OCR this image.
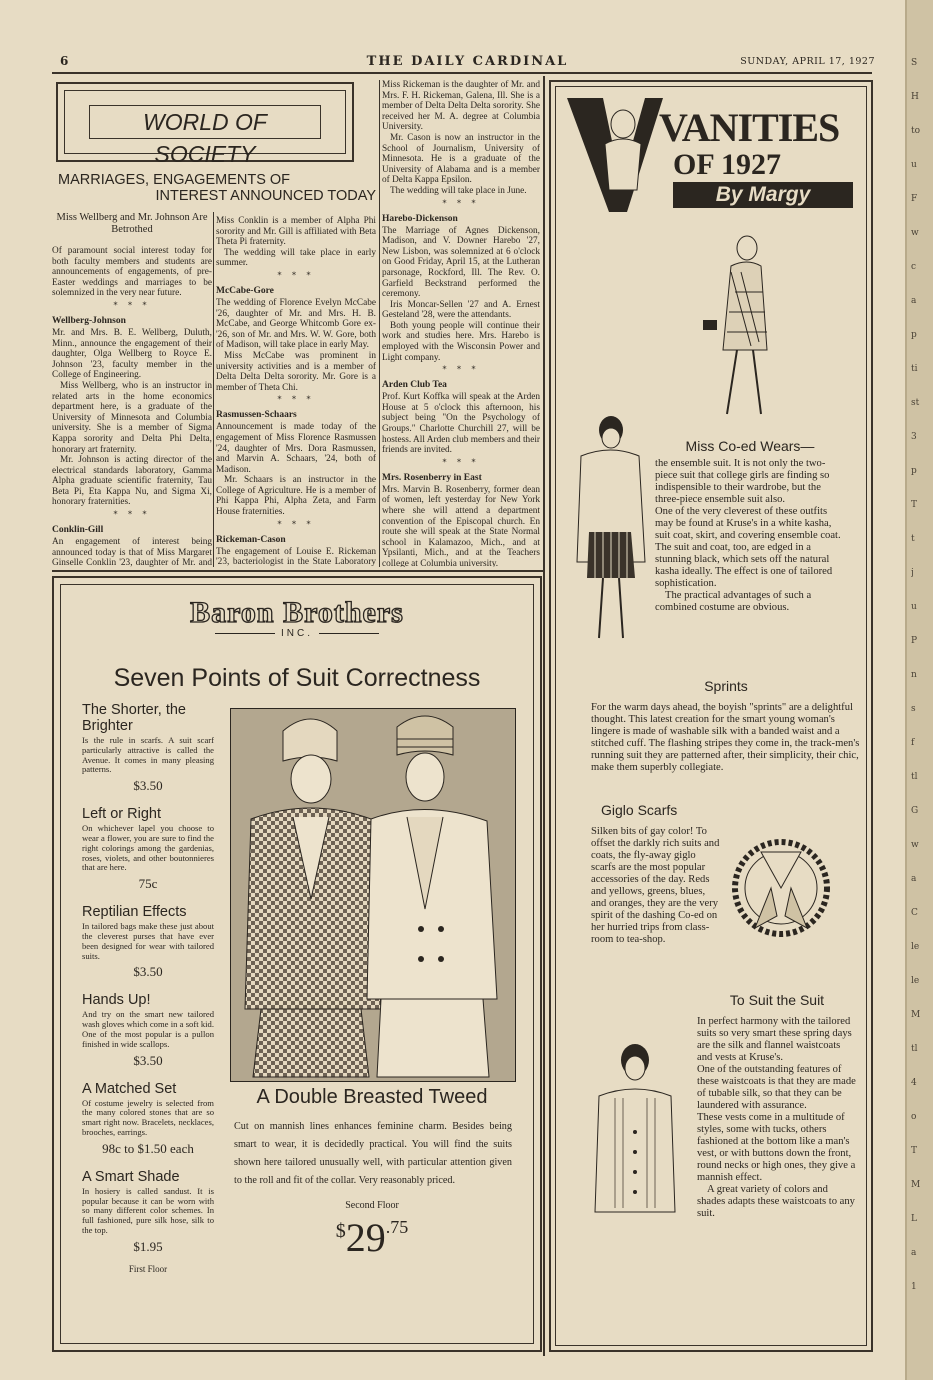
S
H
to
u
F
w
c
a
p
ti
st
3
p
T
t
j
u
P
n
s
f
tl
G
w
a
C
le
le
M
tl
4
o
T
M
L
a
1
6	THE DAILY CARDINAL	SUNDAY, APRIL 17, 1927
WORLD OF SOCIETY
MARRIAGES, ENGAGEMENTS OF
INTEREST ANNOUNCED TODAY

Miss Wellberg and Mr. Johnson Are Betrothed

Of paramount social interest today for both faculty members and students are announcements of engagements, of pre-Easter weddings and marriages to be solemnized in the very near future.

* * *
Wellberg-Johnson

Mr. and Mrs. B. E. Wellberg, Duluth, Minn., announce the engagement of their daughter, Olga Wellberg to Royce E. Johnson '23, faculty member in the College of Engineering.

Miss Wellberg, who is an instructor in related arts in the home economics department here, is a graduate of the University of Minnesota and Columbia university. She is a member of Sigma Kappa sorority and Delta Phi Delta, honorary art fraternity.

Mr. Johnson is acting director of the electrical standards laboratory, Gamma Alpha graduate scientific fraternity, Tau Beta Pi, Eta Kappa Nu, and Sigma Xi, honorary fraternities.

* * *
Conklin-Gill

An engagement of interest being announced today is that of Miss Margaret Ginselle Conklin '23, daughter of Mr. and

Miss Conklin is a member of Alpha Phi sorority and Mr. Gill is affiliated with Beta Theta Pi fraternity.

The wedding will take place in early summer.

* * *
McCabe-Gore

The wedding of Florence Evelyn McCabe '26, daughter of Mr. and Mrs. H. B. McCabe, and George Whitcomb Gore ex-'26, son of Mr. and Mrs. W. W. Gore, both of Madison, will take place in early May.

Miss McCabe was prominent in university activities and is a member of Delta Delta Delta sorority. Mr. Gore is a member of Theta Chi.

* * *
Rasmussen-Schaars

Announcement is made today of the engagement of Miss Florence Rasmussen '24, daughter of Mrs. Dora Rasmussen, and Marvin A. Schaars, '24, both of Madison.

Mr. Schaars is an instructor in the College of Agriculture. He is a member of Phi Kappa Phi, Alpha Zeta, and Farm House fraternities.

* * *
Rickeman-Cason

The engagement of Louise E. Rickeman '23, bacteriologist in the State Laboratory

Miss Rickeman is the daughter of Mr. and Mrs. F. H. Rickeman, Galena, Ill. She is a member of Delta Delta Delta sorority. She received her M. A. degree at Columbia University.

Mr. Cason is now an instructor in the School of Journalism, University of Minnesota. He is a graduate of the University of Alabama and is a member of Delta Kappa Epsilon.

The wedding will take place in June.

* * *
Harebo-Dickenson

The Marriage of Agnes Dickenson, Madison, and V. Downer Harebo '27, New Lisbon, was solemnized at 6 o'clock on Good Friday, April 15, at the Lutheran parsonage, Rockford, Ill. The Rev. O. Garfield Beckstrand performed the ceremony.

Iris Moncar-Sellen '27 and A. Ernest Gesteland '28, were the attendants.

Both young people will continue their work and studies here. Mrs. Harebo is employed with the Wisconsin Power and Light company.

* * *
Arden Club Tea

Prof. Kurt Koffka will speak at the Arden House at 5 o'clock this afternoon, his subject being "On the Psychology of Groups." Charlotte Churchill 27, will be hostess. All Arden club members and their friends are invited.

* * *
Mrs. Rosenberry in East

Mrs. Marvin B. Rosenberry, former dean of women, left yesterday for New York where she will attend a department convention of the Episcopal church. En route she will speak at the State Normal school in Kalamazoo, Mich., and at Ypsilanti, Mich., and at the Teachers college at Columbia university.

Baron Brothers
INC.
Seven Points of Suit Correctness
The Shorter, the Brighter

Is the rule in scarfs. A suit scarf particularly attractive is called the Avenue. It comes in many pleasing patterns.

$3.50
Left or Right

On whichever lapel you choose to wear a flower, you are sure to find the right colorings among the gardenias, roses, violets, and other boutonnieres that are here.

75c
Reptilian Effects

In tailored bags make these just about the cleverest purses that have ever been designed for wear with tailored suits.

$3.50
Hands Up!

And try on the smart new tailored wash gloves which come in a soft kid. One of the most popular is a pullon finished in wide scallops.

$3.50
A Matched Set

Of costume jewelry is selected from the many colored stones that are so smart right now. Bracelets, necklaces, brooches, earrings.

98c to $1.50 each
A Smart Shade

In hosiery is called sandust. It is popular because it can be worn with so many different color schemes. In full fashioned, pure silk hose, silk to the top.

$1.95
First Floor
A Double Breasted Tweed

Cut on mannish lines enhances feminine charm. Besides being smart to wear, it is decidedly practical. You will find the suits shown here tailored unusually well, with particular attention given to the roll and fit of the collar. Very reasonably priced.

Second Floor
$29.75
VANITIES
OF 1927
By Margy
Miss Co-ed Wears—

the ensemble suit. It is not only the two-piece suit that college girls are finding so indispensible to their wardrobe, but the three-piece ensemble suit also.

One of the very cleverest of these outfits may be found at Kruse's in a white kasha, suit coat, skirt, and covering ensemble coat.

The suit and coat, too, are edged in a stunning black, which sets off the natural kasha ideally. The effect is one of tailored sophistication.

The practical advantages of such a combined costume are obvious.

Sprints

For the warm days ahead, the boyish "sprints" are a delightful thought. This latest creation for the smart young woman's lingere is made of washable silk with a banded waist and a stitched cuff. The flashing stripes they come in, the track-men's running suit they are patterned after, their simplicity, their chic, make them superbly collegiate.

Giglo Scarfs

Silken bits of gay color! To offset the darkly rich suits and coats, the fly-away giglo scarfs are the most popular accessories of the day. Reds and yellows, greens, blues, and oranges, they are the very spirit of the dashing Co-ed on her hurried trips from class-room to tea-shop.

To Suit the Suit

In perfect harmony with the tailored suits so very smart these spring days are the silk and flannel waistcoats and vests at Kruse's.

One of the outstanding features of these waistcoats is that they are made of tubable silk, so that they can be laundered with assurance.

These vests come in a multitude of styles, some with tucks, others fashioned at the bottom like a man's vest, or with buttons down the front, round necks or high ones, they give a mannish effect.

A great variety of colors and shades adapts these waistcoats to any suit.
